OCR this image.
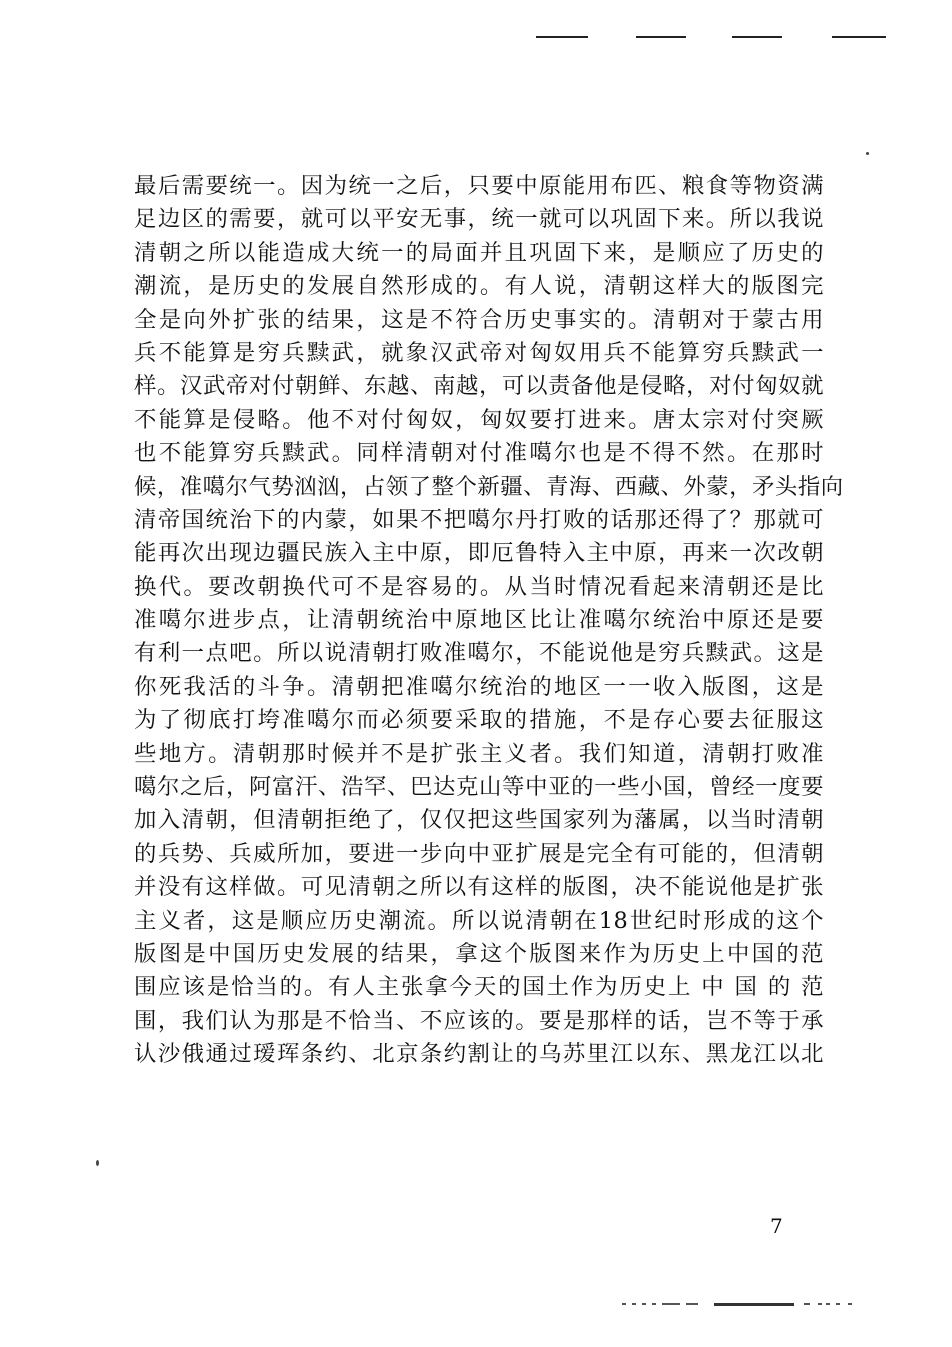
最后需要统一。因为统一之后，只要中原能用布匹、粮食等物资满
足边区的需要，就可以平安无事，统一就可以巩固下来。所以我说
清朝之所以能造成大统一的局面并且巩固下来，是顺应了历史的
潮流，是历史的发展自然形成的。有人说，清朝这样大的版图完
全是向外扩张的结果，这是不符合历史事实的。清朝对于蒙古用
兵不能算是穷兵黩武，就象汉武帝对匈奴用兵不能算穷兵黩武一
样。汉武帝对付朝鲜、东越、南越，可以责备他是侵略，对付匈奴就
不能算是侵略。他不对付匈奴，匈奴要打进来。唐太宗对付突厥
也不能算穷兵黩武。同样清朝对付准噶尔也是不得不然。在那时
候，准噶尔气势汹汹，占领了整个新疆、青海、西藏、外蒙，矛头指向
清帝国统治下的内蒙，如果不把噶尔丹打败的话那还得了？那就可
能再次出现边疆民族入主中原，即厄鲁特入主中原，再来一次改朝
换代。要改朝换代可不是容易的。从当时情况看起来清朝还是比
准噶尔进步点，让清朝统治中原地区比让准噶尔统治中原还是要
有利一点吧。所以说清朝打败准噶尔，不能说他是穷兵黩武。这是
你死我活的斗争。清朝把准噶尔统治的地区一一收入版图，这是
为了彻底打垮准噶尔而必须要采取的措施，不是存心要去征服这
些地方。清朝那时候并不是扩张主义者。我们知道，清朝打败准
噶尔之后，阿富汗、浩罕、巴达克山等中亚的一些小国，曾经一度要
加入清朝，但清朝拒绝了，仅仅把这些国家列为藩属，以当时清朝
的兵势、兵威所加，要进一步向中亚扩展是完全有可能的，但清朝
并没有这样做。可见清朝之所以有这样的版图，决不能说他是扩张
主义者，这是顺应历史潮流。所以说清朝在18世纪时形成的这个
版图是中国历史发展的结果，拿这个版图来作为历史上中国的范
围应该是恰当的。有人主张拿今天的国土作为历史上 中 国 的 范
围，我们认为那是不恰当、不应该的。要是那样的话，岂不等于承
认沙俄通过瑷珲条约、北京条约割让的乌苏里江以东、黑龙江以北
7
